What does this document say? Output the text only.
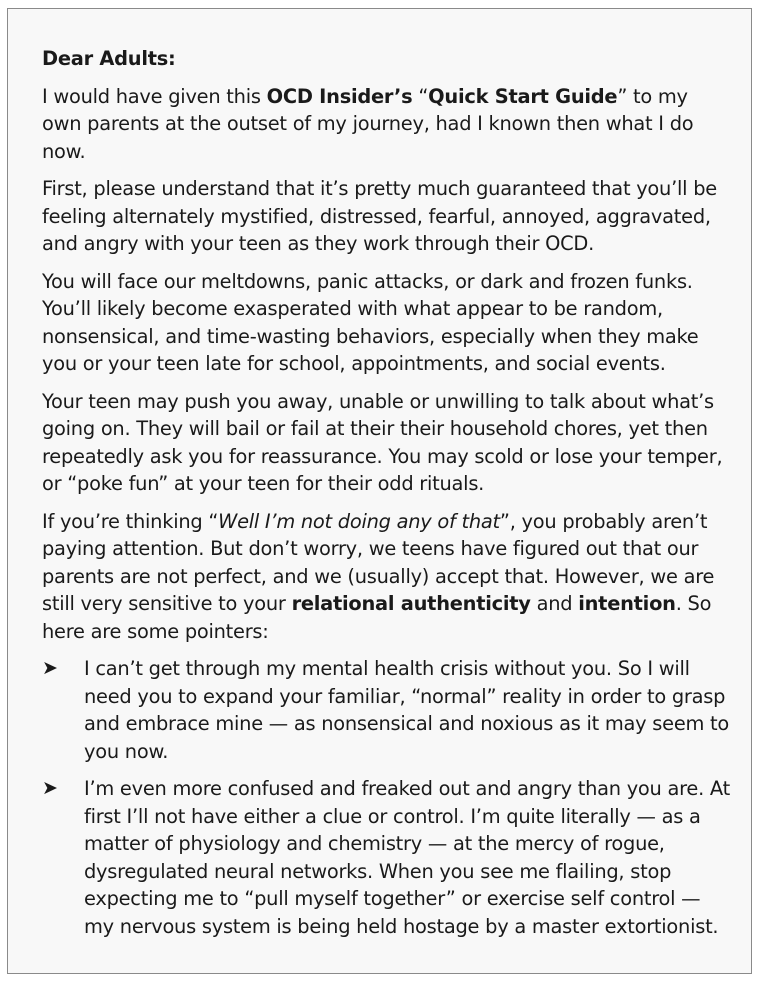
Dear Adults:

I would have given this OCD Insider’s “Quick Start Guide” to my own parents at the outset of my journey, had I known then what I do now.

First, please understand that it’s pretty much guaranteed that you’ll be feeling alternately mystified, distressed, fearful, annoyed, aggravated, and angry with your teen as they work through their OCD.

You will face our meltdowns, panic attacks, or dark and frozen funks. You’ll likely become exasperated with what appear to be random, nonsensical, and time-wasting behaviors, especially when they make you or your teen late for school, appointments, and social events.

Your teen may push you away, unable or unwilling to talk about what’s going on. They will bail or fail at their their household chores, yet then repeatedly ask you for reassurance. You may scold or lose your temper, or “poke fun” at your teen for their odd rituals.

If you’re thinking “Well I’m not doing any of that”, you probably aren’t paying attention. But don’t worry, we teens have figured out that our parents are not perfect, and we (usually) accept that. However, we are still very sensitive to your relational authenticity and intention. So here are some pointers:

➤ I can’t get through my mental health crisis without you. So I will need you to expand your familiar, “normal” reality in order to grasp and embrace mine — as nonsensical and noxious as it may seem to you now.
➤ I’m even more confused and freaked out and angry than you are. At first I’ll not have either a clue or control. I’m quite literally — as a matter of physiology and chemistry — at the mercy of rogue, dysregulated neural networks. When you see me flailing, stop expecting me to “pull myself together” or exercise self control — my nervous system is being held hostage by a master extortionist.
